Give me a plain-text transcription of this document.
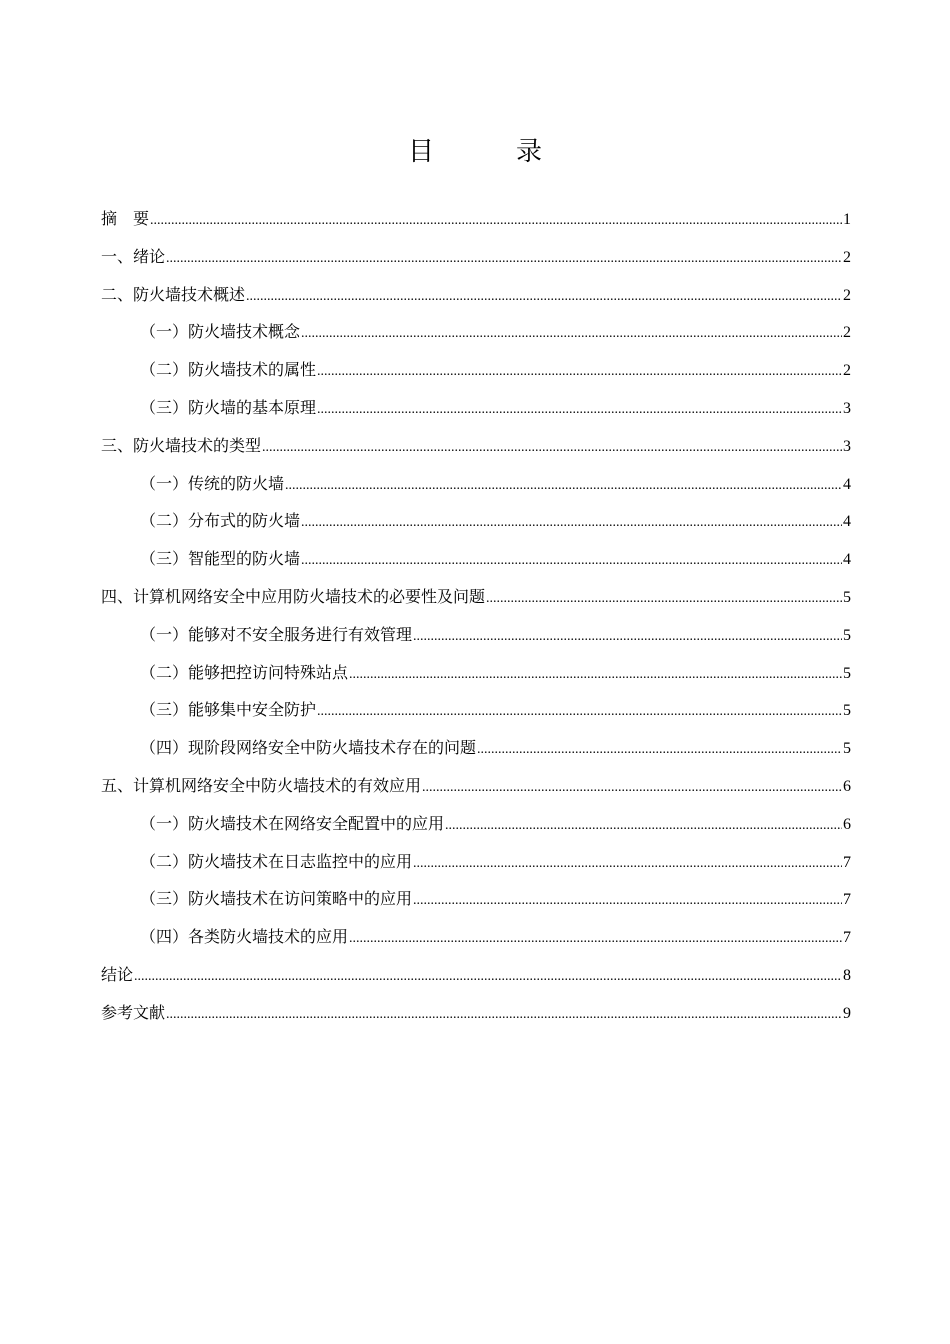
目　录
摘　要 .....	1
一、绪论 .....	2
二、防火墙技术概述 .....	2
（一）防火墙技术概念 .....	2
（二）防火墙技术的属性 .....	2
（三）防火墙的基本原理 .....	3
三、防火墙技术的类型 .....	3
（一）传统的防火墙 .....	4
（二）分布式的防火墙 .....	4
（三）智能型的防火墙 .....	4
四、计算机网络安全中应用防火墙技术的必要性及问题 .....	5
（一）能够对不安全服务进行有效管理 .....	5
（二）能够把控访问特殊站点 .....	5
（三）能够集中安全防护 .....	5
（四）现阶段网络安全中防火墙技术存在的问题 .....	5
五、计算机网络安全中防火墙技术的有效应用 .....	6
（一）防火墙技术在网络安全配置中的应用 .....	6
（二）防火墙技术在日志监控中的应用 .....	7
（三）防火墙技术在访问策略中的应用 .....	7
（四）各类防火墙技术的应用 .....	7
结论 .....	8
参考文献 .....	9
